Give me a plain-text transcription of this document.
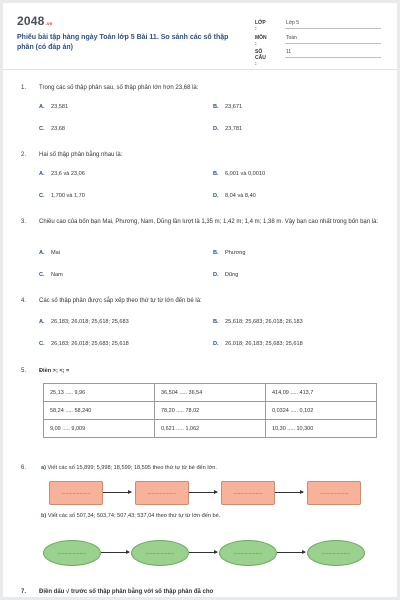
2048.vn
Phiếu bài tập hàng ngày Toán lớp 5 Bài 11. So sánh các số thập phân (có đáp án)
LỚP :
Lớp 5
MÔN :
Toán
SỐ CÂU :
11
1. Trong các số thập phân sau, số thập phân lớn hơn 23,68 là:
A. 23,581	B. 23,671
C. 23,68	D. 23,781
2. Hai số thập phân bằng nhau là:
A. 23,6 và 23,06	B. 6,001 và 0,0010
C. 1,700 và 1,70	D. 8,04 và 8,40
3. Chiều cao của bốn bạn Mai, Phương, Nam, Dũng lần lượt là 1,35 m; 1,42 m; 1,4 m; 1,38 m. Vậy bạn cao nhất trong bốn bạn là:
A. Mai	B. Phương
C. Nam	D. Dũng
4. Các số thập phân được sắp xếp theo thứ tự từ lớn đến bé là:
A. 26,183; 26,018; 25,618; 25,683	B. 25,618; 25,683; 26,018; 26,183
C. 26,183; 26,018; 25,683; 25,618	D. 26,018; 26,183; 25,683; 25,618
5. Điền >; <; =
25,13 ..... 9,96	36,504 ..... 36,54	414,09 ..... 413,7
58,24 ..... 58,240	78,20 ..... 78,02	0,0324 ..... 0,102
9,09 ..... 9,009	0,621 ..... 1,062	10,30 ..... 10,300
6.	a) Viết các số 15,899; 5,998; 18,599; 18,595 theo thứ tự từ bé đến lớn.
.....................	.....................	.....................	.....................
b) Viết các số 507,34; 503,74; 507,43; 537,04 theo thứ tự từ lớn đến bé.
.....................	.....................	.....................	.....................
7. Điền dấu √ trước số thập phân bằng với số thập phân đã cho
